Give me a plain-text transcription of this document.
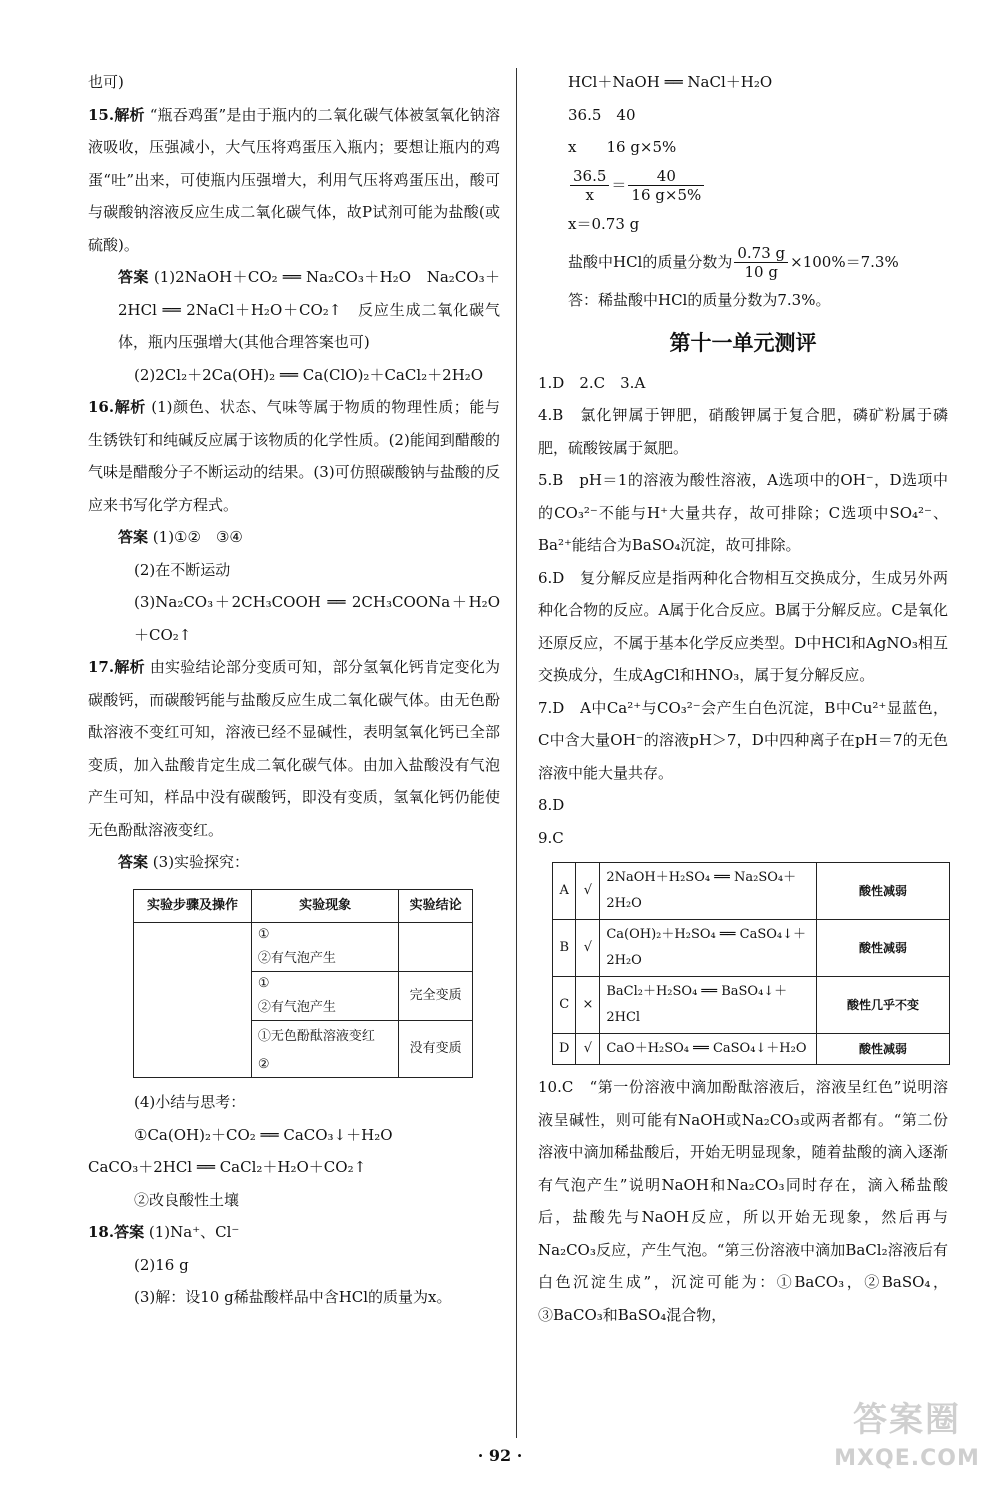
也可)

15.解析 “瓶吞鸡蛋”是由于瓶内的二氧化碳气体被氢氧化钠溶液吸收，压强减小，大气压将鸡蛋压入瓶内；要想让瓶内的鸡蛋“吐”出来，可使瓶内压强增大，利用气压将鸡蛋压出，酸可与碳酸钠溶液反应生成二氧化碳气体，故P试剂可能为盐酸(或硫酸)。

答案 (1)2NaOH＋CO₂ ══ Na₂CO₃＋H₂O　Na₂CO₃＋2HCl ══ 2NaCl＋H₂O＋CO₂↑　反应生成二氧化碳气体，瓶内压强增大(其他合理答案也可)

(2)2Cl₂＋2Ca(OH)₂ ══ Ca(ClO)₂＋CaCl₂＋2H₂O

16.解析 (1)颜色、状态、气味等属于物质的物理性质；能与生锈铁钉和纯碱反应属于该物质的化学性质。(2)能闻到醋酸的气味是醋酸分子不断运动的结果。(3)可仿照碳酸钠与盐酸的反应来书写化学方程式。

答案 (1)①②　③④

(2)在不断运动

(3)Na₂CO₃＋2CH₃COOH ══ 2CH₃COONa＋H₂O＋CO₂↑

17.解析 由实验结论部分变质可知，部分氢氧化钙肯定变化为碳酸钙，而碳酸钙能与盐酸反应生成二氧化碳气体。由无色酚酞溶液不变红可知，溶液已经不显碱性，表明氢氧化钙已全部变质，加入盐酸肯定生成二氧化碳气体。由加入盐酸没有气泡产生可知，样品中没有碳酸钙，即没有变质，氢氧化钙仍能使无色酚酞溶液变红。

答案 (3)实验探究：

实验步骤及操作	实验现象	实验结论

	①
②有气泡产生	

	①
②有气泡产生	完全变质

	①无色酚酞溶液变红
②	没有变质

(4)小结与思考：

①Ca(OH)₂＋CO₂ ══ CaCO₃↓＋H₂O

CaCO₃＋2HCl ══ CaCl₂＋H₂O＋CO₂↑

②改良酸性土壤

18.答案 (1)Na⁺、Cl⁻

(2)16 g

(3)解：设10 g稀盐酸样品中含HCl的质量为x。

HCl＋NaOH ══ NaCl＋H₂O

36.5　40

x　　16 g×5%

$\frac{36.5}{x} = \frac{40}{16 g\times 5\%}$

x＝0.73 g

盐酸中HCl的质量分数为 $\frac{0.73 g}{10 g} \times 100\%=7.3\%$

答：稀盐酸中HCl的质量分数为7.3%。

第十一单元测评

1.D　2.C　3.A

4.B　氯化钾属于钾肥，硝酸钾属于复合肥，磷矿粉属于磷肥，硫酸铵属于氮肥。

5.B　pH＝1的溶液为酸性溶液，A选项中的OH⁻，D选项中的CO₃²⁻不能与H⁺大量共存，故可排除；C选项中SO₄²⁻、Ba²⁺能结合为BaSO₄沉淀，故可排除。

6.D　复分解反应是指两种化合物相互交换成分，生成另外两种化合物的反应。A属于化合反应。B属于分解反应。C是氧化还原反应，不属于基本化学反应类型。D中HCl和AgNO₃相互交换成分，生成AgCl和HNO₃，属于复分解反应。

7.D　A中Ca²⁺与CO₃²⁻会产生白色沉淀，B中Cu²⁺显蓝色，C中含大量OH⁻的溶液pH＞7，D中四种离子在pH＝7的无色溶液中能大量共存。

8.D

9.C

A	√	2NaOH＋H₂SO₄ ══ Na₂SO₄＋2H₂O	酸性减弱
B	√	Ca(OH)₂＋H₂SO₄ ══ CaSO₄↓＋2H₂O	酸性减弱
C	×	BaCl₂＋H₂SO₄ ══ BaSO₄↓＋2HCl	酸性几乎不变
D	√	CaO＋H₂SO₄ ══ CaSO₄↓＋H₂O	酸性减弱

10.C　“第一份溶液中滴加酚酞溶液后，溶液呈红色”说明溶液呈碱性，则可能有NaOH或Na₂CO₃或两者都有。“第二份溶液中滴加稀盐酸后，开始无明显现象，随着盐酸的滴入逐渐有气泡产生”说明NaOH和Na₂CO₃同时存在，滴入稀盐酸后，盐酸先与NaOH反应，所以开始无现象，然后再与Na₂CO₃反应，产生气泡。“第三份溶液中滴加BaCl₂溶液后有白色沉淀生成”，沉淀可能为：①BaCO₃，②BaSO₄，③BaCO₃和BaSO₄混合物，

· 92 ·
答案圈
MXQE.COM
